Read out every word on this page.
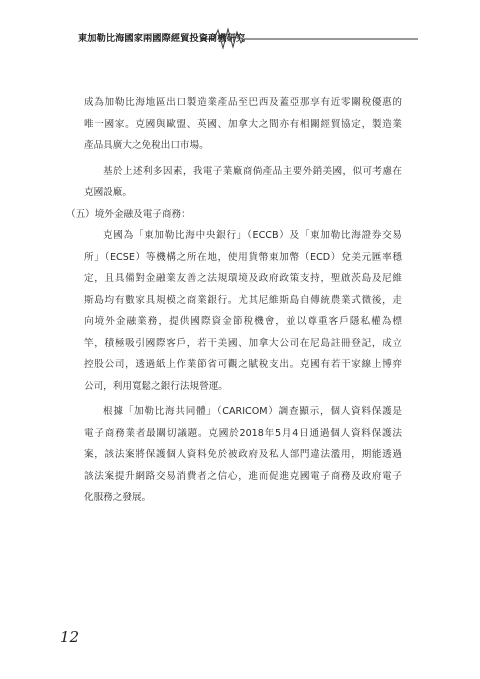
東加勒比海國家兩國際經貿投資商機研究
成為加勒比海地區出口製造業產品至巴西及蓋亞那享有近零關稅優惠的
唯一國家。克國與歐盟、英國、加拿大之間亦有相關經貿協定，製造業
產品具廣大之免稅出口市場。
基於上述利多因素，我電子業廠商倘產品主要外銷美國，似可考慮在
克國設廠。
（五）境外金融及電子商務：
克國為「東加勒比海中央銀行」（ECCB）及「東加勒比海證券交易
所」（ECSE）等機構之所在地，使用貨幣東加幣（ECD）兌美元匯率穩
定，且具備對金融業友善之法規環境及政府政策支持，聖啟茨島及尼維
斯島均有數家具規模之商業銀行。尤其尼維斯島自傳統農業式微後，走
向境外金融業務，提供國際資金節稅機會，並以尊重客戶隱私權為標
竿，積極吸引國際客戶，若干美國、加拿大公司在尼島註冊登記，成立
控股公司，透過紙上作業節省可觀之賦稅支出。克國有若干家線上博弈
公司，利用寬鬆之銀行法規營運。
根據「加勒比海共同體」（CARICOM）調查顯示，個人資料保護是
電子商務業者最關切議題。克國於2018年5月4日通過個人資料保護法
案，該法案將保護個人資料免於被政府及私人部門違法濫用，期能透過
該法案提升網路交易消費者之信心，進而促進克國電子商務及政府電子
化服務之發展。
12
